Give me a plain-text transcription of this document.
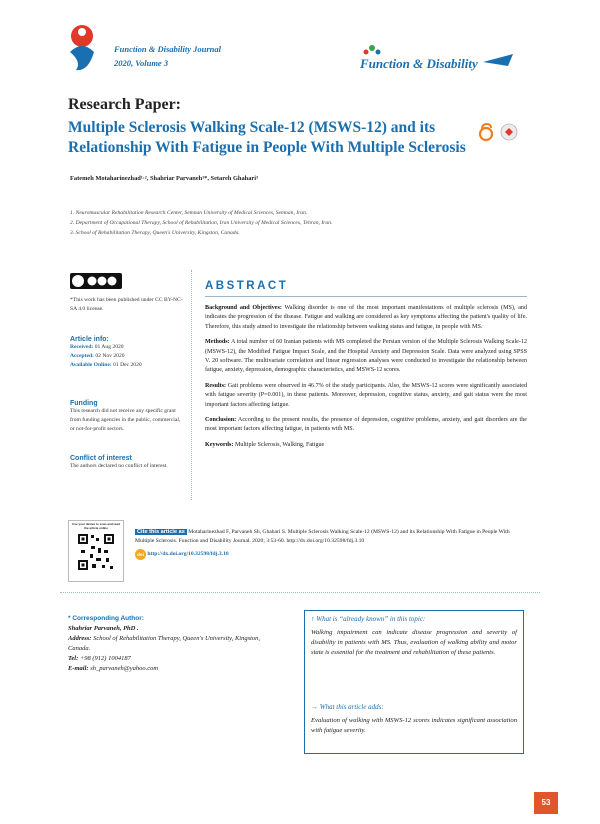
Function & Disability Journal
2020, Volume 3	Function & Disability
Research Paper:
Multiple Sclerosis Walking Scale-12 (MSWS-12) and its Relationship With Fatigue in People With Multiple Sclerosis
Fatemeh Motaharinezhad¹·², Shahriar Parvaneh¹*, Setareh Ghahari³
1. Neuromuscular Rehabilitation Research Center, Semnan University of Medical Sciences, Semnan, Iran.
2. Department of Occupational Therapy, School of Rehabilitation, Iran University of Medical Sciences, Tehran, Iran.
3. School of Rehabilitation Therapy, Queen's University, Kingston, Canada.
*This work has been published under CC BY-NC-SA 4.0 license.
Article info:
Received: 01 Aug 2020
Accepted: 02 Nov 2020
Available Online: 01 Dec 2020
Funding
This research did not receive any specific grant from funding agencies in the public, commercial, or not-for-profit sectors.
Conflict of interest
The authors declared no conflict of interest.
ABSTRACT

Background and Objectives: Walking disorder is one of the most important manifestations of multiple sclerosis (MS), and indicates the progression of the disease. Fatigue and walking are considered as key symptoms affecting the patient's quality of life. Therefore, this study aimed to investigate the relationship between walking status and fatigue, in people with MS.

Methods: A total number of 60 Iranian patients with MS completed the Persian version of the Multiple Sclerosis Walking Scale-12 (MSWS-12), the Modified Fatigue Impact Scale, and the Hospital Anxiety and Depression Scale. Data were analyzed using SPSS V. 20 software. The multivariate correlation and linear regression analyses were conducted to investigate the relationship between fatigue, anxiety, depression, demographic characteristics, and MSWS-12 scores.

Results: Gait problems were observed in 46.7% of the study participants. Also, the MSWS-12 scores were significantly associated with fatigue severity (P=0.001), in these patients. Moreover, depression, cognitive status, anxiety, and gait status were the most important factors affecting fatigue.

Conclusion: According to the present results, the presence of depression, cognitive problems, anxiety, and gait disorders are the most important factors affecting fatigue, in patients with MS.

Keywords: Multiple Sclerosis, Walking, Fatigue

Use your device to scan and read the article online
Cite this article as Motaharinezhad F, Parvaneh Sh, Ghahari S. Multiple Sclerosis Walking Scale-12 (MSWS-12) and its Relationship With Fatigue in People With Multiple Sclerosis. Function and Disability Journal. 2020; 3:53-60. http://dx.doi.org/10.32598/fdj.3.10
doi http://dx.doi.org/10.32598/fdj.3.10
* Corresponding Author:
Shahriar Parvaneh, PhD .
Address: School of Rehabilitation Therapy, Queen's University, Kingston, Canada.
Tel: +98 (912) 1004187
E-mail: sh_parvaneh@yahoo.com
↑ What is “already known” in this topic:
Walking impairment can indicate disease progression and severity of disability in patients with MS. Thus, evaluation of walking ability and motor state is essential for the treatment and rehabilitation of these patients.
→ What this article adds:
Evaluation of walking with MSWS-12 scores indicates significant association with fatigue severity.
53
